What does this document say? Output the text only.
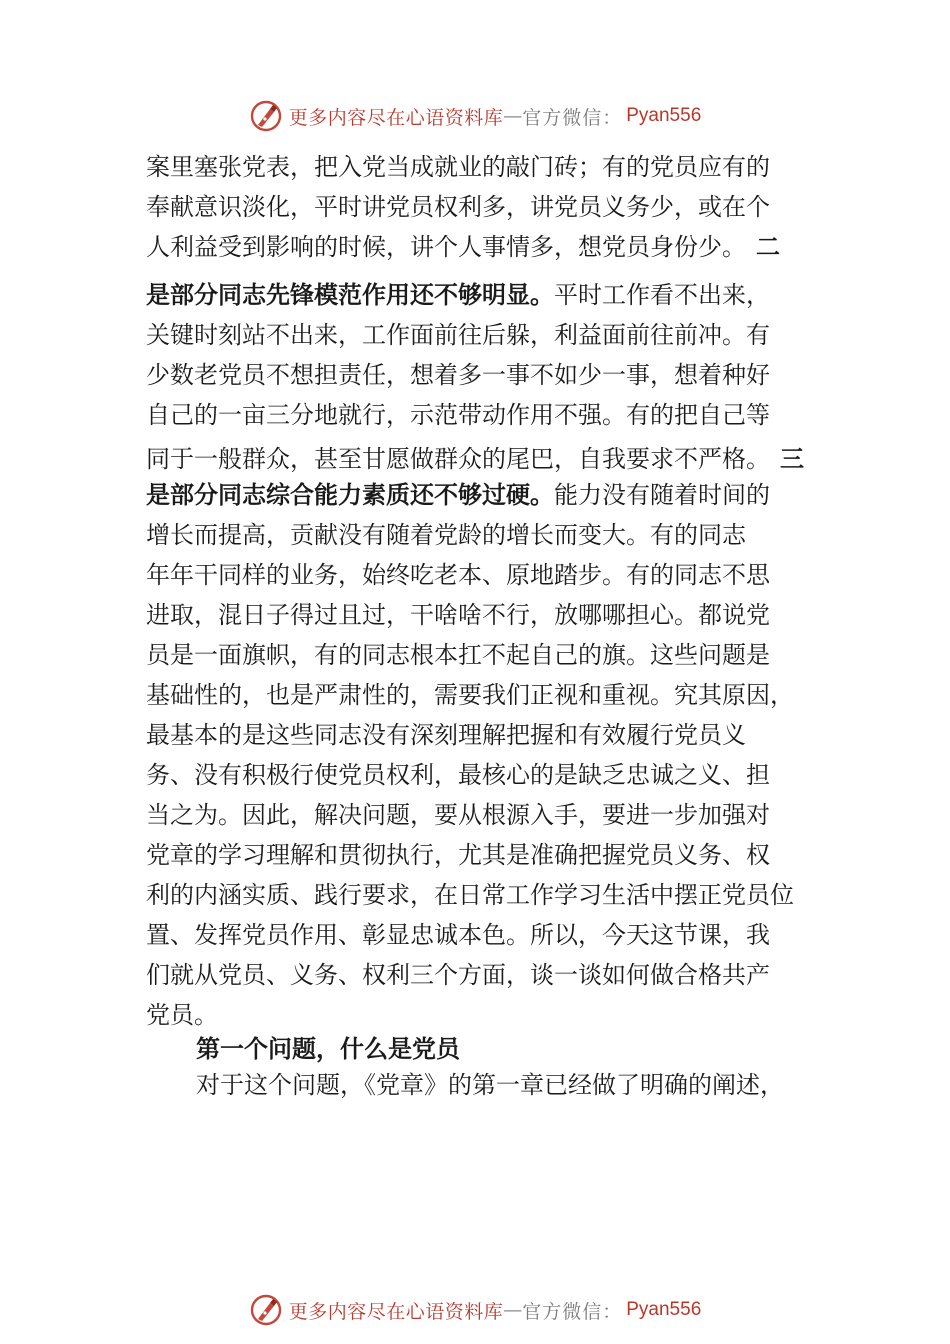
更多内容尽在心语资料库 — 官方微信： Pyan556
案里塞张党表，把入党当成就业的敲门砖；有的党员应有的
奉献意识淡化，平时讲党员权利多，讲党员义务少，或在个
人利益受到影响的时候，讲个人事情多，想党员身份少。 二
是部分同志先锋模范作用还不够明显。平时工作看不出来，
关键时刻站不出来，工作面前往后躲，利益面前往前冲。有
少数老党员不想担责任，想着多一事不如少一事，想着种好
自己的一亩三分地就行，示范带动作用不强。有的把自己等
同于一般群众，甚至甘愿做群众的尾巴，自我要求不严格。 三
是部分同志综合能力素质还不够过硬。能力没有随着时间的
增长而提高，贡献没有随着党龄的增长而变大。有的同志
年年干同样的业务，始终吃老本、原地踏步。有的同志不思
进取，混日子得过且过，干啥啥不行，放哪哪担心。都说党
员是一面旗帜，有的同志根本扛不起自己的旗。这些问题是
基础性的，也是严肃性的，需要我们正视和重视。究其原因，
最基本的是这些同志没有深刻理解把握和有效履行党员义
务、没有积极行使党员权利，最核心的是缺乏忠诚之义、担
当之为。因此，解决问题，要从根源入手，要进一步加强对
党章的学习理解和贯彻执行，尤其是准确把握党员义务、权
利的内涵实质、践行要求，在日常工作学习生活中摆正党员位
置、发挥党员作用、彰显忠诚本色。所以，今天这节课，我
们就从党员、义务、权利三个方面，谈一谈如何做合格共产
党员。
第一个问题，什么是党员
对于这个问题，《党章》的第一章已经做了明确的阐述，
更多内容尽在心语资料库 — 官方微信： Pyan556
